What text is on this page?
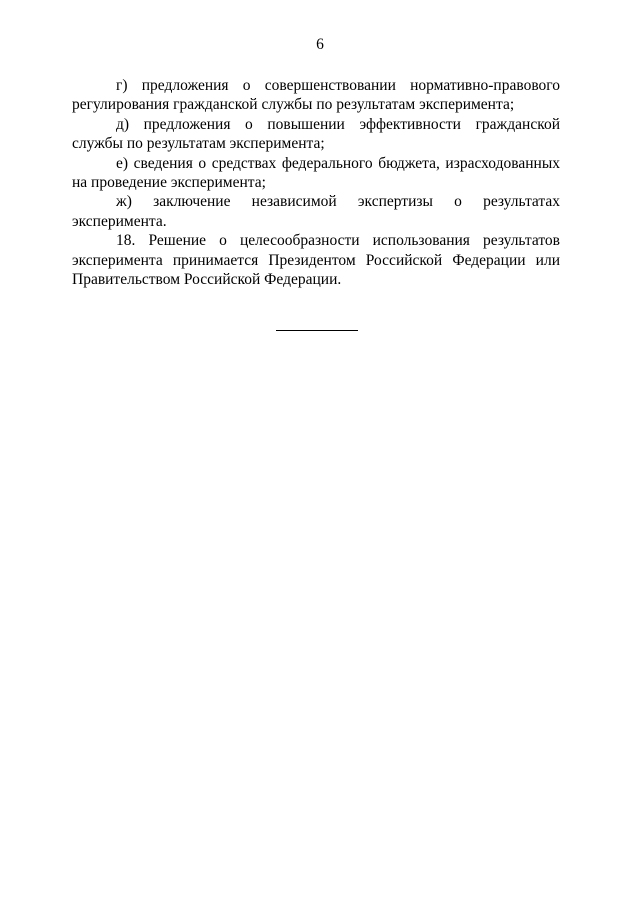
6

г) предложения о совершенствовании нормативно-правового регулирования гражданской службы по результатам эксперимента;

д) предложения о повышении эффективности гражданской службы по результатам эксперимента;

е) сведения о средствах федерального бюджета, израсходованных на проведение эксперимента;

ж) заключение независимой экспертизы о результатах эксперимента.

18. Решение о целесообразности использования результатов эксперимента принимается Президентом Российской Федерации или Правительством Российской Федерации.
